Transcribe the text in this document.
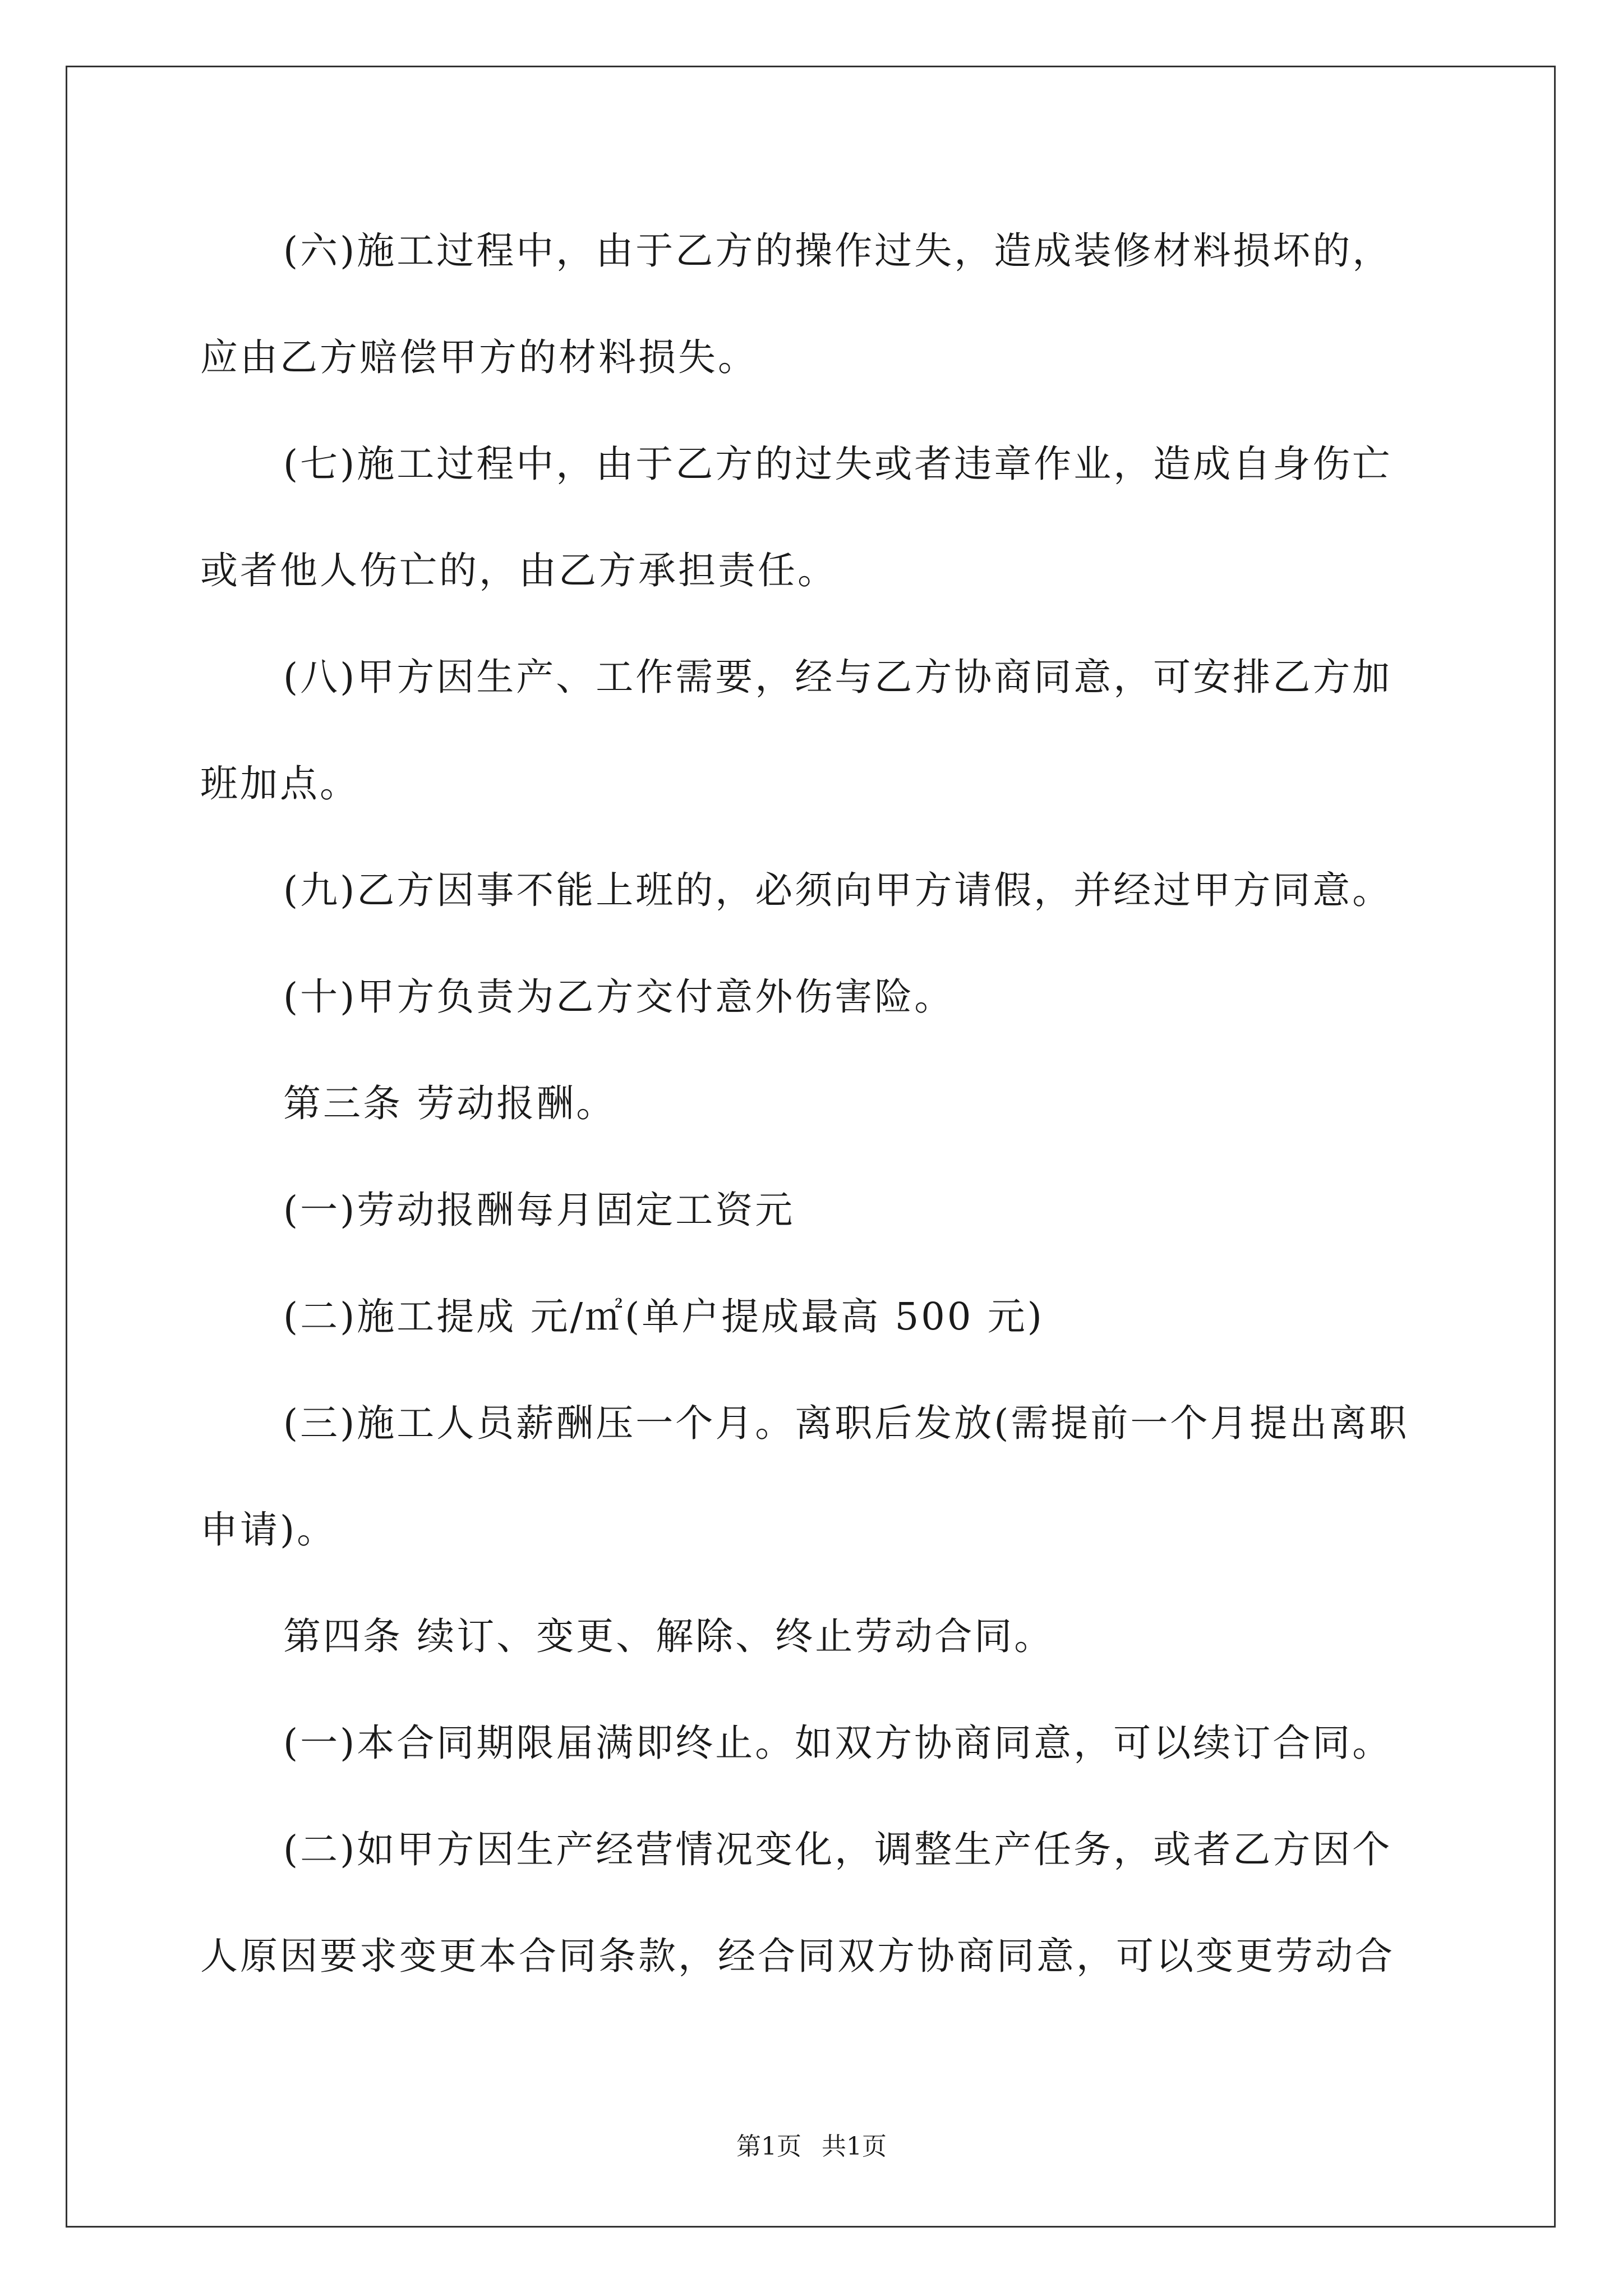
(六)施工过程中，由于乙方的操作过失，造成装修材料损坏的，
应由乙方赔偿甲方的材料损失。
(七)施工过程中，由于乙方的过失或者违章作业，造成自身伤亡
或者他人伤亡的，由乙方承担责任。
(八)甲方因生产、工作需要，经与乙方协商同意，可安排乙方加
班加点。
(九)乙方因事不能上班的，必须向甲方请假，并经过甲方同意。
(十)甲方负责为乙方交付意外伤害险。
第三条 劳动报酬。
(一)劳动报酬每月固定工资元
(二)施工提成 元/㎡(单户提成最高 500 元)
(三)施工人员薪酬压一个月。离职后发放(需提前一个月提出离职
申请)。
第四条 续订、变更、解除、终止劳动合同。
(一)本合同期限届满即终止。如双方协商同意，可以续订合同。
(二)如甲方因生产经营情况变化，调整生产任务，或者乙方因个
人原因要求变更本合同条款，经合同双方协商同意，可以变更劳动合
第1页 共1页
